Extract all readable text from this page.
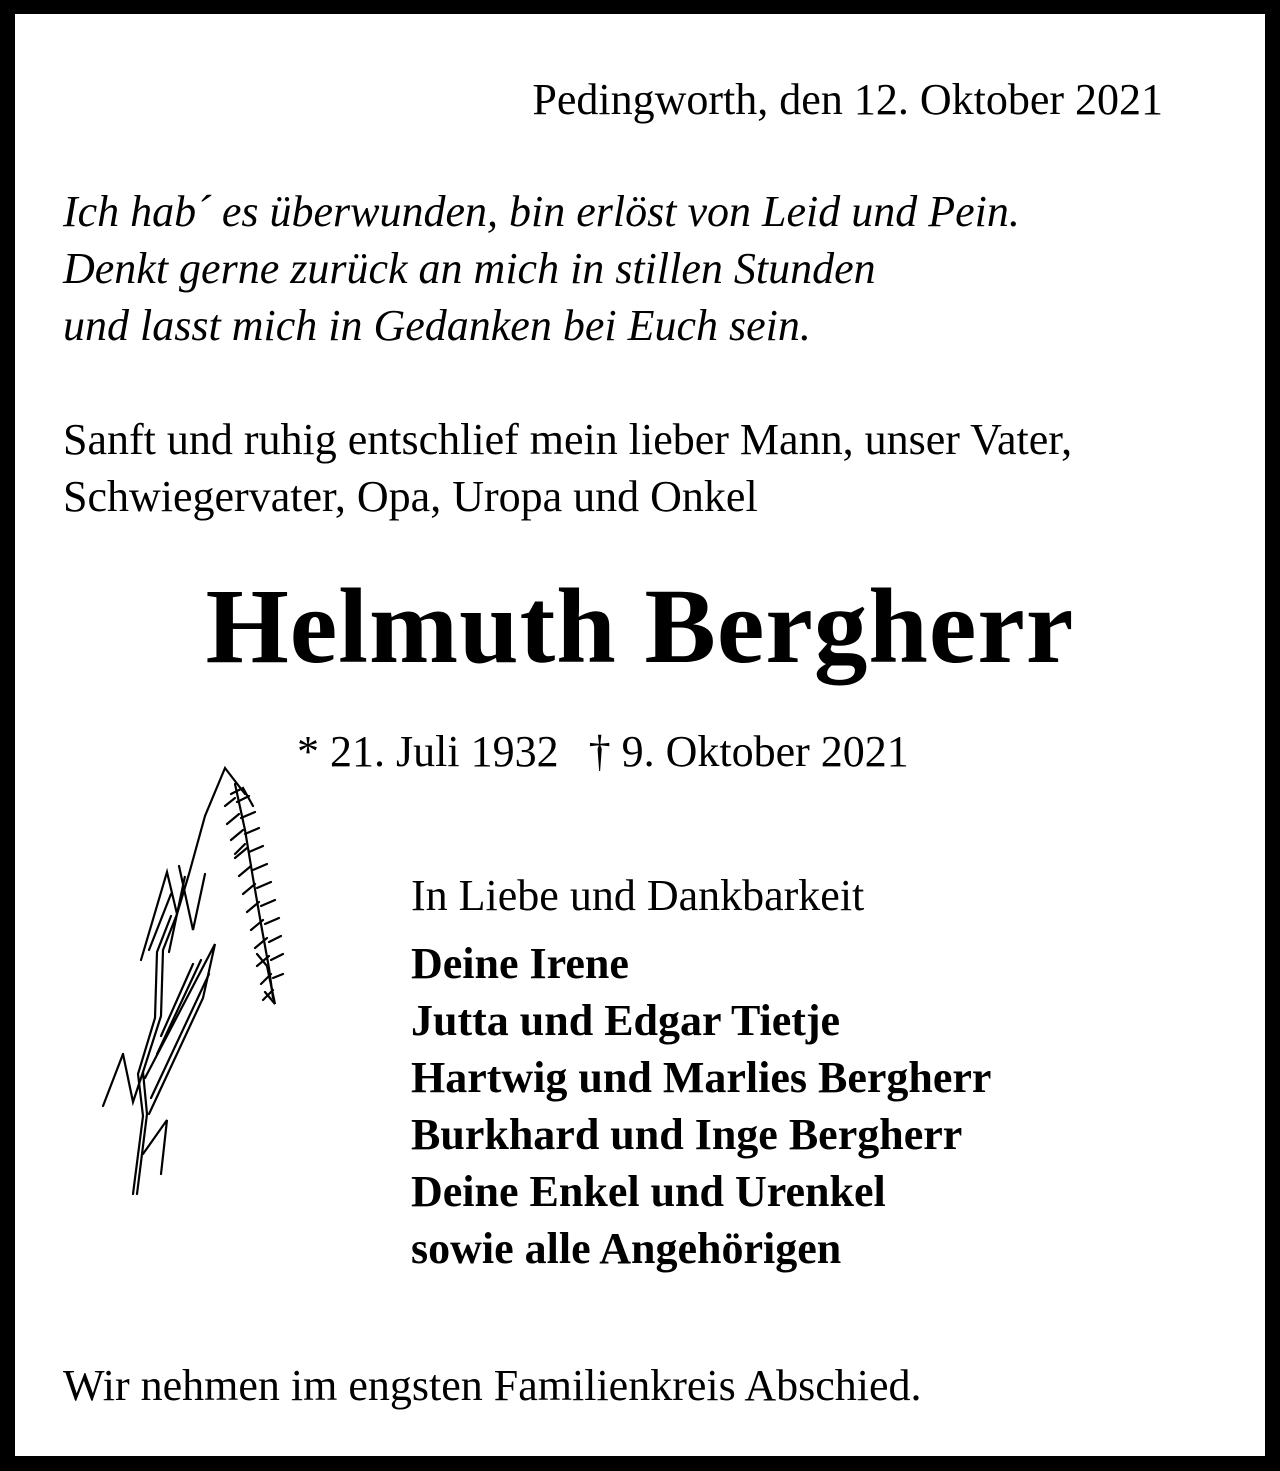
Pedingworth, den 12. Oktober 2021
Ich hab´ es überwunden, bin erlöst von Leid und Pein.
Denkt gerne zurück an mich in stillen Stunden
und lasst mich in Gedanken bei Euch sein.
Sanft und ruhig entschlief mein lieber Mann, unser Vater,
Schwiegervater, Opa, Uropa und Onkel
Helmuth Bergherr
* 21. Juli 1932 † 9. Oktober 2021
In Liebe und Dankbarkeit
Deine Irene
Jutta und Edgar Tietje
Hartwig und Marlies Bergherr
Burkhard und Inge Bergherr
Deine Enkel und Urenkel
sowie alle Angehörigen
Wir nehmen im engsten Familienkreis Abschied.
